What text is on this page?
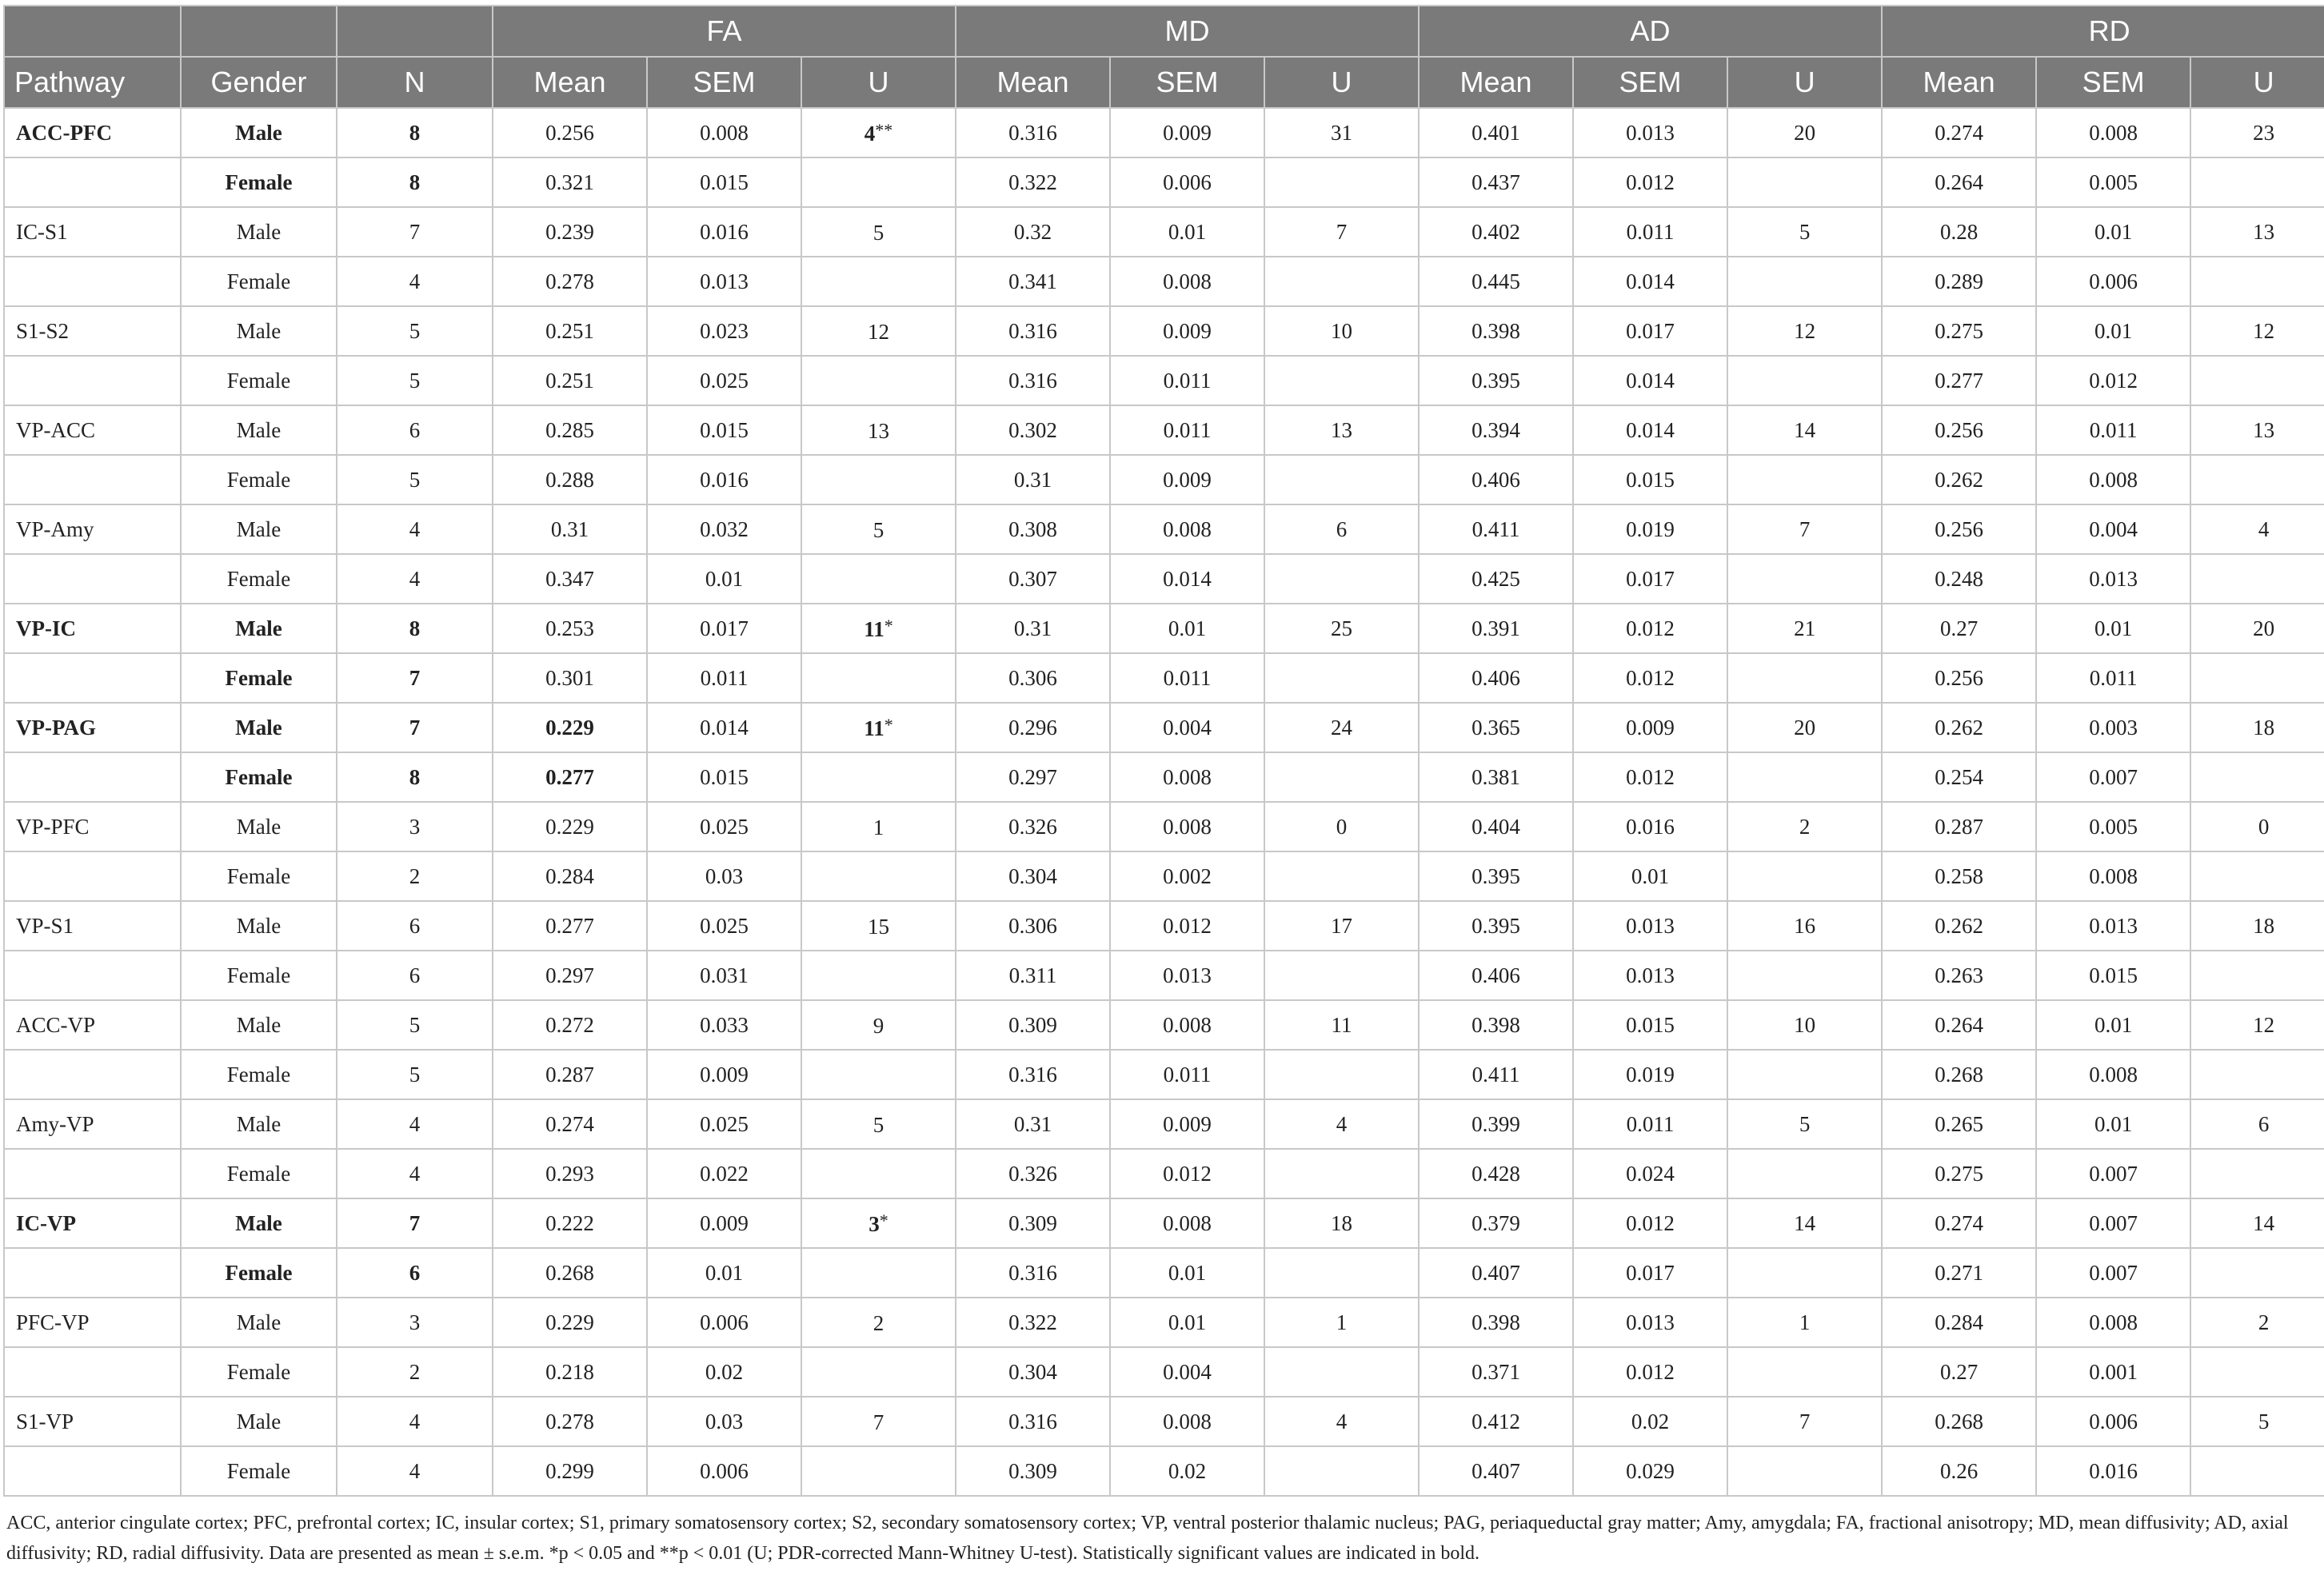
			FA			MD			AD			RD		
Pathway	Gender	N	Mean	SEM	U	Mean	SEM	U	Mean	SEM	U	Mean	SEM	U
ACC-PFC	Male	8	0.256	0.008	4**	0.316	0.009	31	0.401	0.013	20	0.274	0.008	23
	Female	8	0.321	0.015		0.322	0.006		0.437	0.012		0.264	0.005	
IC-S1	Male	7	0.239	0.016	5	0.32	0.01	7	0.402	0.011	5	0.28	0.01	13
	Female	4	0.278	0.013		0.341	0.008		0.445	0.014		0.289	0.006	
S1-S2	Male	5	0.251	0.023	12	0.316	0.009	10	0.398	0.017	12	0.275	0.01	12
	Female	5	0.251	0.025		0.316	0.011		0.395	0.014		0.277	0.012	
VP-ACC	Male	6	0.285	0.015	13	0.302	0.011	13	0.394	0.014	14	0.256	0.011	13
	Female	5	0.288	0.016		0.31	0.009		0.406	0.015		0.262	0.008	
VP-Amy	Male	4	0.31	0.032	5	0.308	0.008	6	0.411	0.019	7	0.256	0.004	4
	Female	4	0.347	0.01		0.307	0.014		0.425	0.017		0.248	0.013	
VP-IC	Male	8	0.253	0.017	11*	0.31	0.01	25	0.391	0.012	21	0.27	0.01	20
	Female	7	0.301	0.011		0.306	0.011		0.406	0.012		0.256	0.011	
VP-PAG	Male	7	0.229	0.014	11*	0.296	0.004	24	0.365	0.009	20	0.262	0.003	18
	Female	8	0.277	0.015		0.297	0.008		0.381	0.012		0.254	0.007	
VP-PFC	Male	3	0.229	0.025	1	0.326	0.008	0	0.404	0.016	2	0.287	0.005	0
	Female	2	0.284	0.03		0.304	0.002		0.395	0.01		0.258	0.008	
VP-S1	Male	6	0.277	0.025	15	0.306	0.012	17	0.395	0.013	16	0.262	0.013	18
	Female	6	0.297	0.031		0.311	0.013		0.406	0.013		0.263	0.015	
ACC-VP	Male	5	0.272	0.033	9	0.309	0.008	11	0.398	0.015	10	0.264	0.01	12
	Female	5	0.287	0.009		0.316	0.011		0.411	0.019		0.268	0.008	
Amy-VP	Male	4	0.274	0.025	5	0.31	0.009	4	0.399	0.011	5	0.265	0.01	6
	Female	4	0.293	0.022		0.326	0.012		0.428	0.024		0.275	0.007	
IC-VP	Male	7	0.222	0.009	3*	0.309	0.008	18	0.379	0.012	14	0.274	0.007	14
	Female	6	0.268	0.01		0.316	0.01		0.407	0.017		0.271	0.007	
PFC-VP	Male	3	0.229	0.006	2	0.322	0.01	1	0.398	0.013	1	0.284	0.008	2
	Female	2	0.218	0.02		0.304	0.004		0.371	0.012		0.27	0.001	
S1-VP	Male	4	0.278	0.03	7	0.316	0.008	4	0.412	0.02	7	0.268	0.006	5
	Female	4	0.299	0.006		0.309	0.02		0.407	0.029		0.26	0.016	
ACC, anterior cingulate cortex; PFC, prefrontal cortex; IC, insular cortex; S1, primary somatosensory cortex; S2, secondary somatosensory cortex; VP, ventral posterior thalamic nucleus; PAG, periaqueductal gray matter; Amy, amygdala; FA, fractional anisotropy; MD, mean diffusivity; AD, axial diffusivity; RD, radial diffusivity. Data are presented as mean ± s.e.m. *p < 0.05 and **p < 0.01 (U; PDR-corrected Mann-Whitney U-test). Statistically significant values are indicated in bold.
